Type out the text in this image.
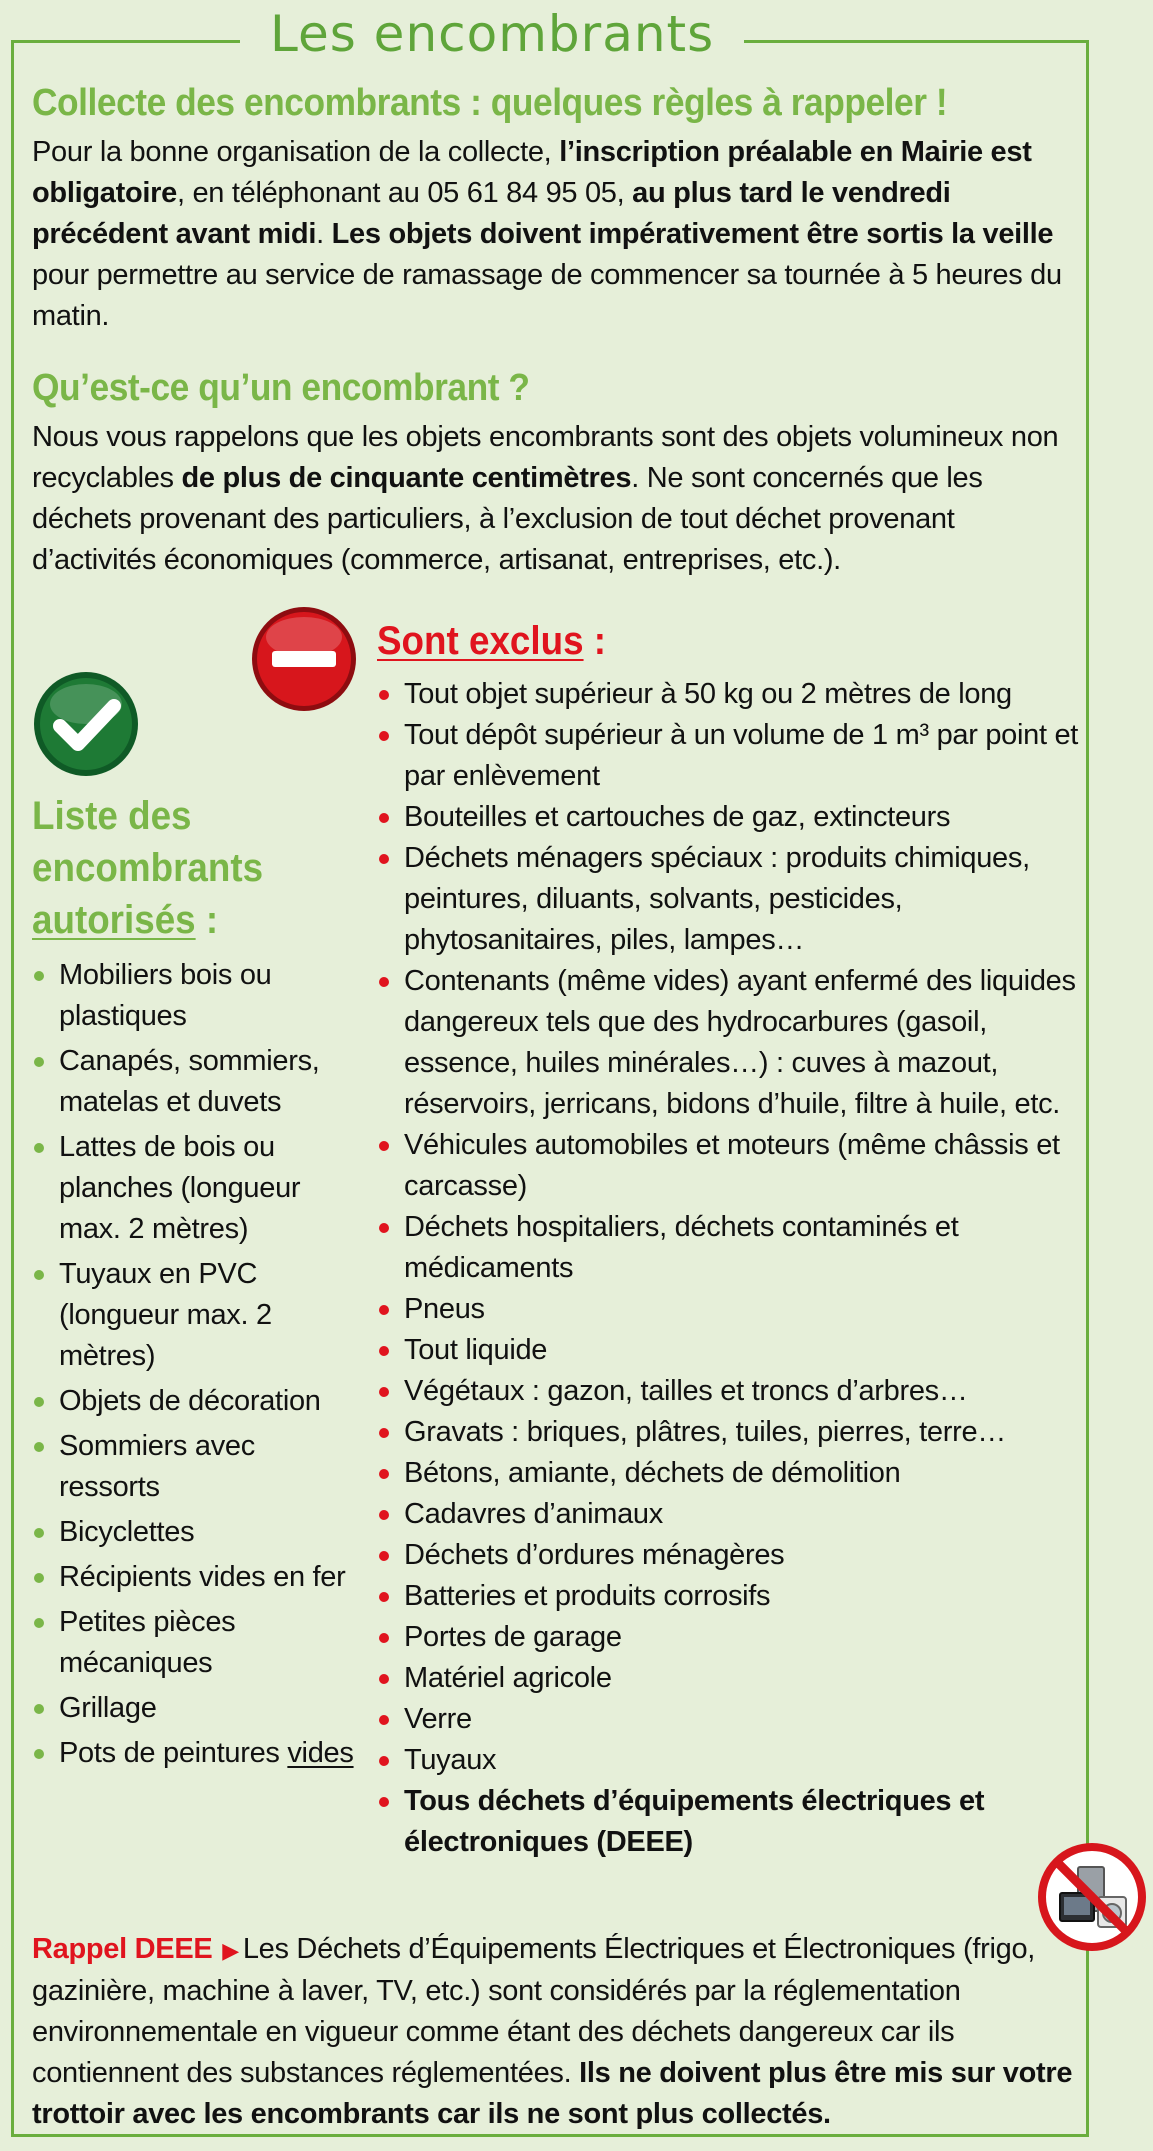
Les encombrants
Collecte des encombrants : quelques règles à rappeler !

Pour la bonne organisation de la collecte, l’inscription préalable en Mairie est obligatoire, en téléphonant au 05 61 84 95 05, au plus tard le vendredi précédent avant midi. Les objets doivent impérativement être sortis la veille pour permettre au service de ramassage de commencer sa tournée à 5 heures du matin.

Qu’est-ce qu’un encombrant ?

Nous vous rappelons que les objets encombrants sont des objets volumineux non recyclables de plus de cinquante centimètres. Ne sont concernés que les déchets provenant des particuliers, à l’exclusion de tout déchet provenant d’activités économiques (commerce, artisanat, entreprises, etc.).

Liste des
encombrants
autorisés :
Mobiliers bois ou plastiques
Canapés, sommiers, matelas et duvets
Lattes de bois ou planches (longueur max. 2 mètres)
Tuyaux en PVC (longueur max. 2 mètres)
Objets de décoration
Sommiers avec ressorts
Bicyclettes
Récipients vides en fer
Petites pièces mécaniques
Grillage
Pots de peintures vides
Sont exclus :
Tout objet supérieur à 50 kg ou 2 mètres de long
Tout dépôt supérieur à un volume de 1 m³ par point et par enlèvement
Bouteilles et cartouches de gaz, extincteurs
Déchets ménagers spéciaux : produits chimiques, peintures, diluants, solvants, pesticides, phytosanitaires, piles, lampes…
Contenants (même vides) ayant enfermé des liquides dangereux tels que des hydrocarbures (gasoil, essence, huiles minérales…) : cuves à mazout, réservoirs, jerricans, bidons d’huile, filtre à huile, etc.
Véhicules automobiles et moteurs (même châssis et carcasse)
Déchets hospitaliers, déchets contaminés et médicaments
Pneus
Tout liquide
Végétaux : gazon, tailles et troncs d’arbres…
Gravats : briques, plâtres, tuiles, pierres, terre…
Bétons, amiante, déchets de démolition
Cadavres d’animaux
Déchets d’ordures ménagères
Batteries et produits corrosifs
Portes de garage
Matériel agricole
Verre
Tuyaux
Tous déchets d’équipements électriques et électroniques (DEEE)

Rappel DEEE ▶ Les Déchets d’Équipements Électriques et Électroniques (frigo, gazinière, machine à laver, TV, etc.) sont considérés par la réglementation environnementale en vigueur comme étant des déchets dangereux car ils contiennent des substances réglementées. Ils ne doivent plus être mis sur votre trottoir avec les encombrants car ils ne sont plus collectés.
